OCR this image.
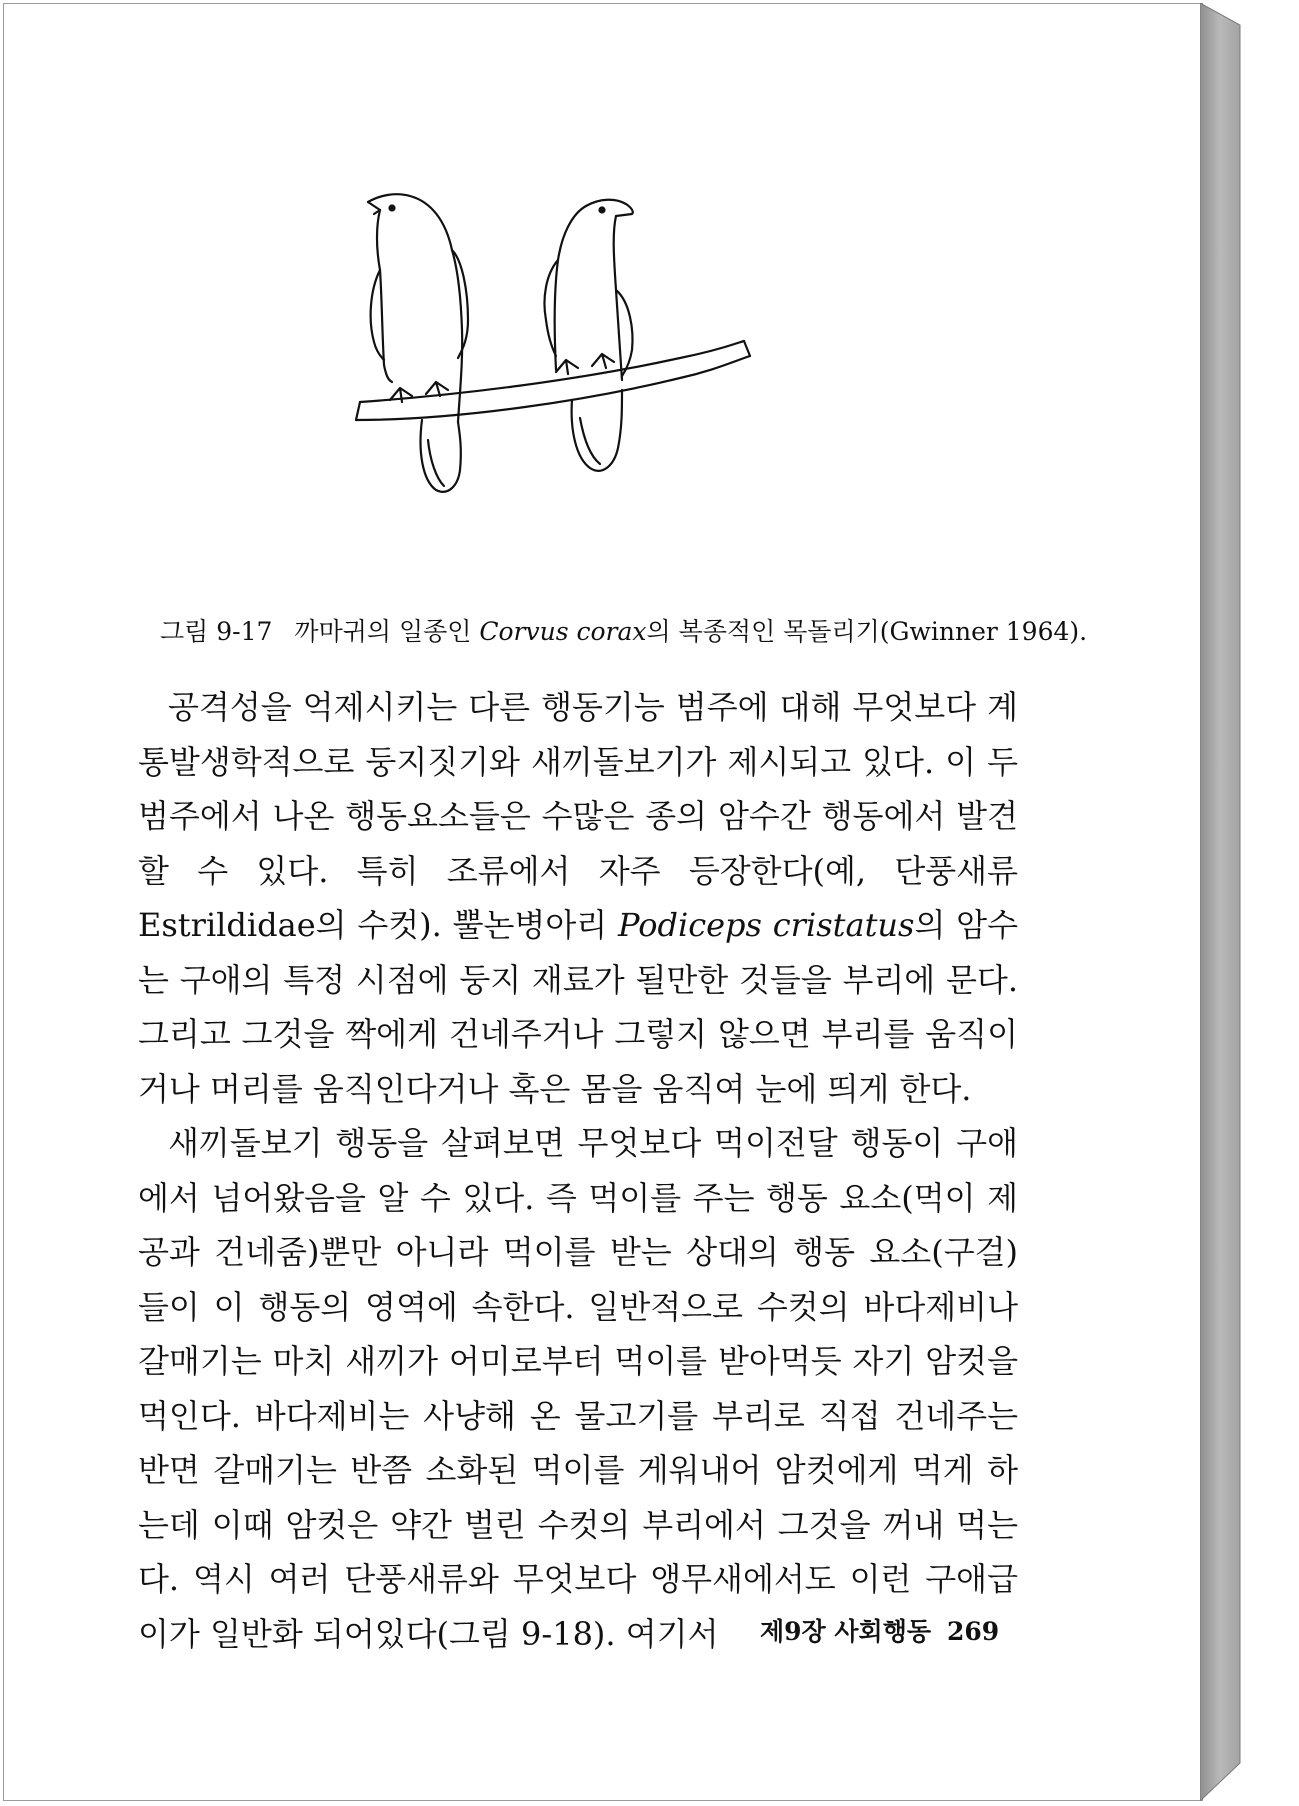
그림 9-17 까마귀의 일종인 Corvus corax의 복종적인 목돌리기(Gwinner 1964).

공격성을 억제시키는 다른 행동기능 범주에 대해 무엇보다 계통발생학적으로 둥지짓기와 새끼돌보기가 제시되고 있다. 이 두 범주에서 나온 행동요소들은 수많은 종의 암수간 행동에서 발견할 수 있다. 특히 조류에서 자주 등장한다(예, 단풍새류 Estrildidae의 수컷). 뿔논병아리 Podiceps cristatus의 암수는 구애의 특정 시점에 둥지 재료가 될만한 것들을 부리에 문다. 그리고 그것을 짝에게 건네주거나 그렇지 않으면 부리를 움직이거나 머리를 움직인다거나 혹은 몸을 움직여 눈에 띄게 한다.

새끼돌보기 행동을 살펴보면 무엇보다 먹이전달 행동이 구애에서 넘어왔음을 알 수 있다. 즉 먹이를 주는 행동 요소(먹이 제공과 건네줌)뿐만 아니라 먹이를 받는 상대의 행동 요소(구걸)들이 이 행동의 영역에 속한다. 일반적으로 수컷의 바다제비나 갈매기는 마치 새끼가 어미로부터 먹이를 받아먹듯 자기 암컷을 먹인다. 바다제비는 사냥해 온 물고기를 부리로 직접 건네주는 반면 갈매기는 반쯤 소화된 먹이를 게워내어 암컷에게 먹게 하는데 이때 암컷은 약간 벌린 수컷의 부리에서 그것을 꺼내 먹는다. 역시 여러 단풍새류와 무엇보다 앵무새에서도 이런 구애급이가 일반화 되어있다(그림 9-18). 여기서	제9장 사회행동 269
